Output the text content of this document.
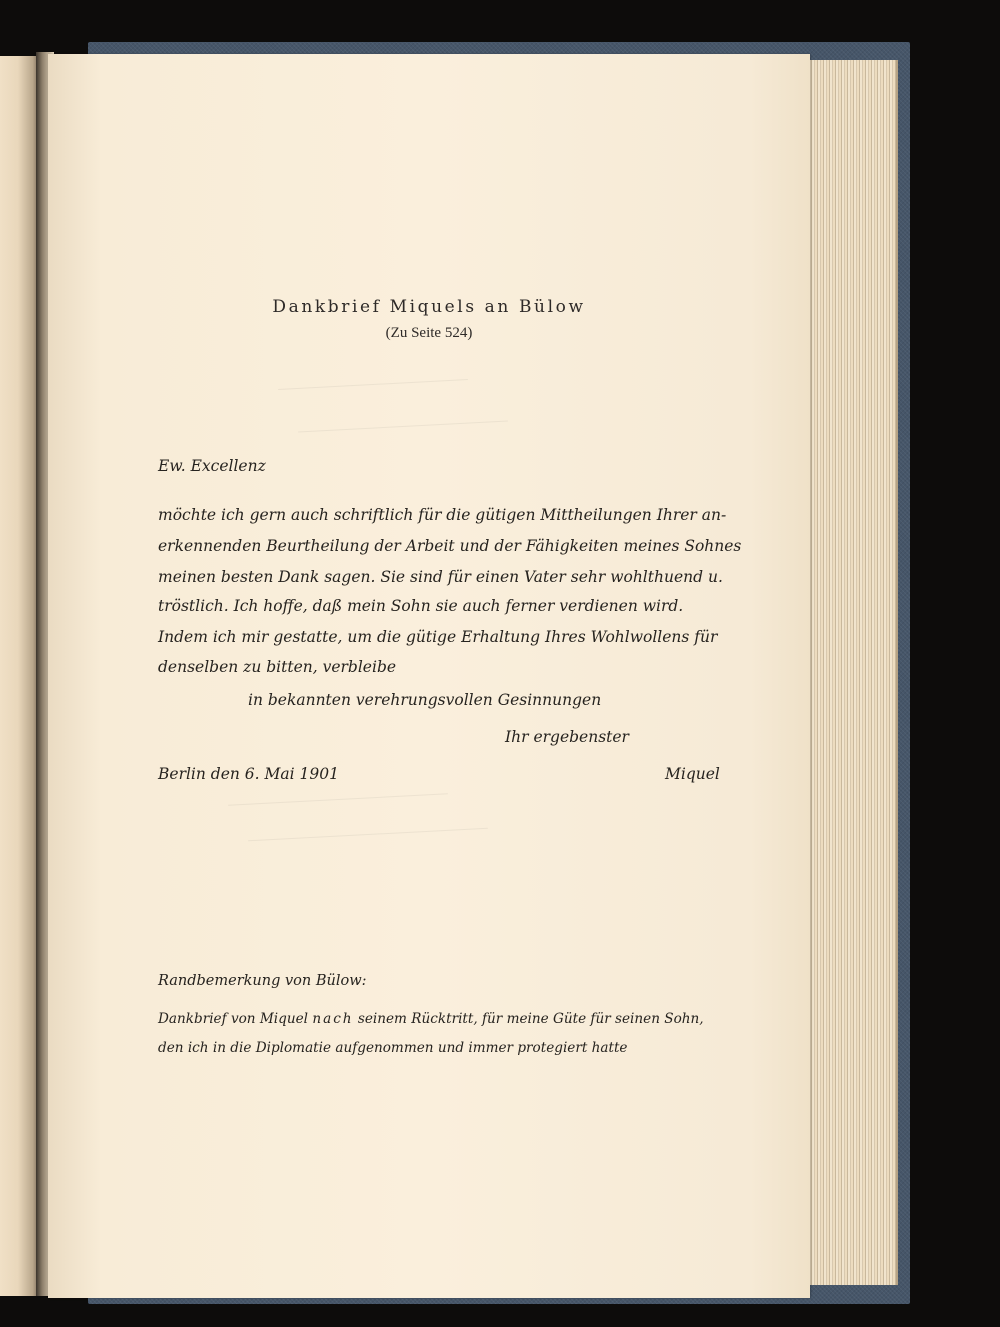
Dankbrief Miquels an Bülow
(Zu Seite 524)
Ew. Excellenz
möchte ich gern auch schriftlich für die gütigen Mittheilungen Ihrer an-
erkennenden Beurtheilung der Arbeit und der Fähigkeiten meines Sohnes
meinen besten Dank sagen. Sie sind für einen Vater sehr wohlthuend u.
tröstlich. Ich hoffe, daß mein Sohn sie auch ferner verdienen wird.
Indem ich mir gestatte, um die gütige Erhaltung Ihres Wohlwollens für
denselben zu bitten, verbleibe
in bekannten verehrungsvollen Gesinnungen
Ihr ergebenster
Berlin den 6. Mai 1901	Miquel
Randbemerkung von Bülow:
Dankbrief von Miquel nach seinem Rücktritt, für meine Güte für seinen Sohn,
den ich in die Diplomatie aufgenommen und immer protegiert hatte
